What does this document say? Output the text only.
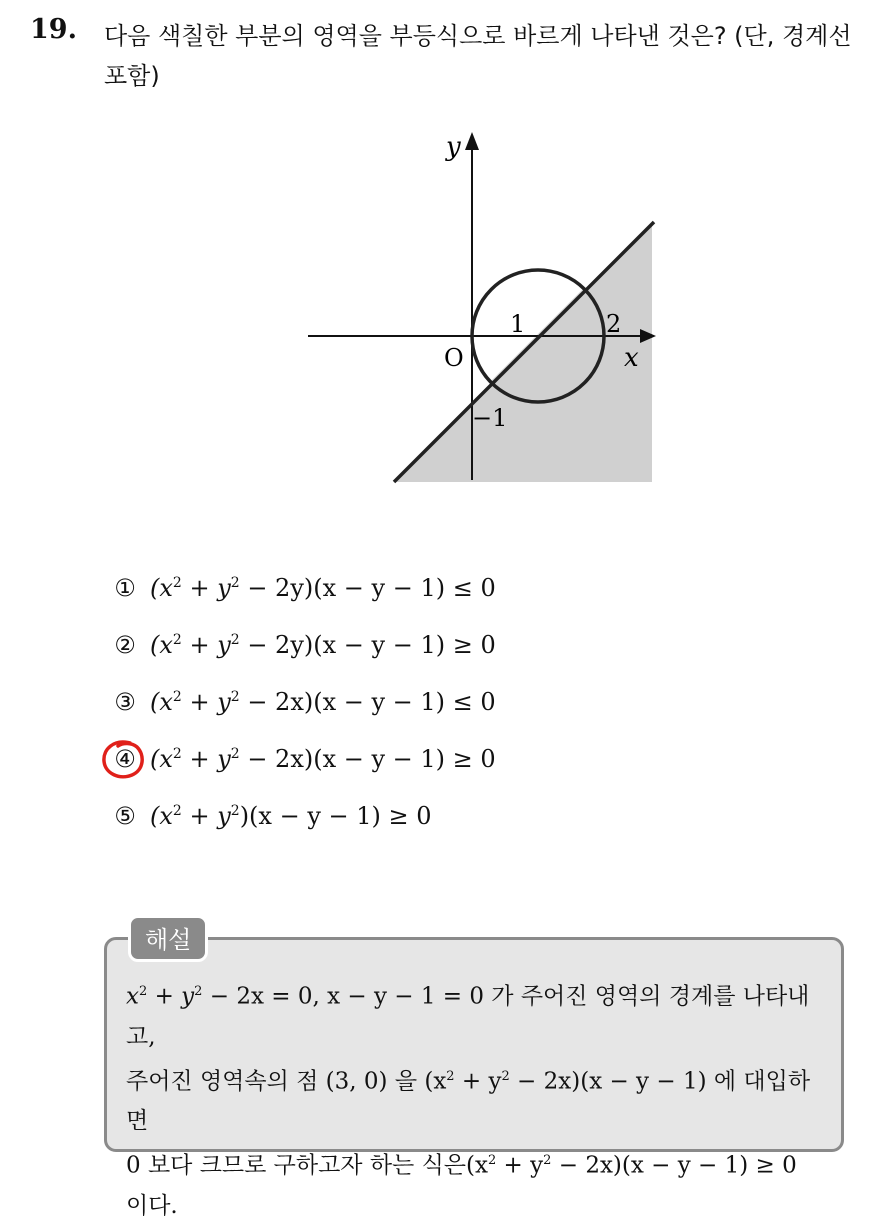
19. 다음 색칠한 부분의 영역을 부등식으로 바르게 나타낸 것은? (단, 경계선 포함)
y
x
O
1	2
−1
① $(x^2 + y^2 - 2y)(x - y - 1) \le 0$
② $(x^2 + y^2 - 2y)(x - y - 1) \ge 0$
③ $(x^2 + y^2 - 2x)(x - y - 1) \le 0$
④ $(x^2 + y^2 - 2x)(x - y - 1) \ge 0$
⑤ $(x^2 + y^2)(x - y - 1) \ge 0$
해설
$x^2 + y^2 - 2x = 0$, x − y − 1 = 0 가 주어진 영역의 경계를 나타내고,
주어진 영역속의 점 (3, 0) 을 $(x^2 + y^2 - 2x)(x - y - 1)$ 에 대입하면
0 보다 크므로 구하고자 하는 식은$(x^2 + y^2 - 2x)(x - y - 1) \ge 0$
이다.
